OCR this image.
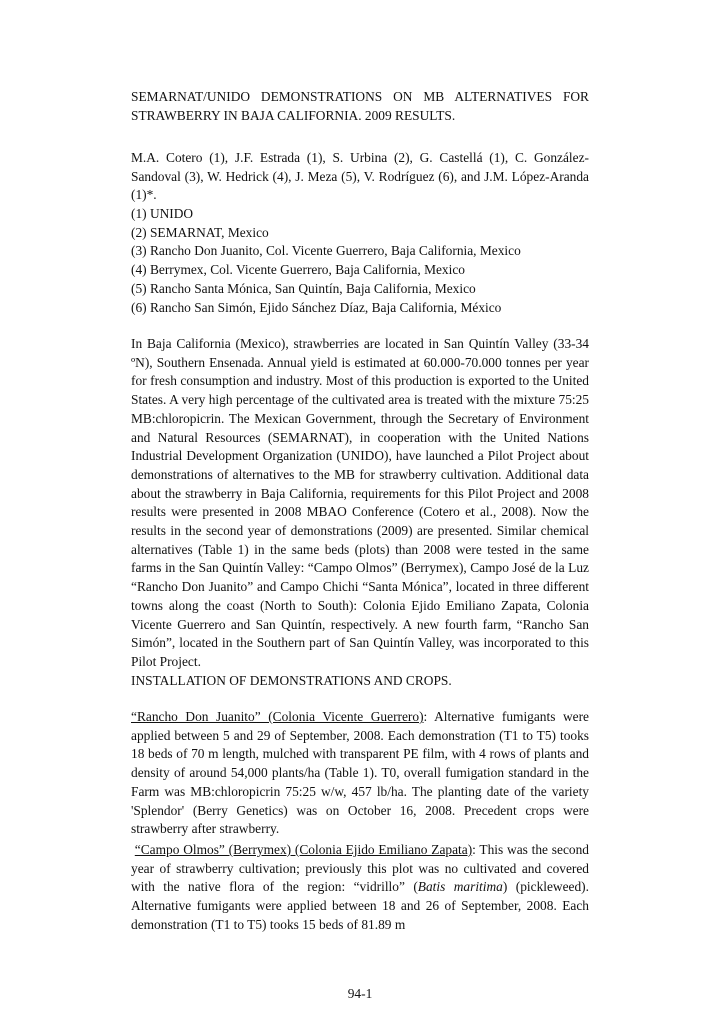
SEMARNAT/UNIDO DEMONSTRATIONS ON MB ALTERNATIVES FOR STRAWBERRY IN BAJA CALIFORNIA. 2009 RESULTS.

M.A. Cotero (1), J.F. Estrada (1), S. Urbina (2), G. Castellá (1), C. González-Sandoval (3), W. Hedrick (4), J. Meza (5), V. Rodríguez (6), and J.M. López-Aranda (1)*.

(1) UNIDO
(2) SEMARNAT, Mexico
(3) Rancho Don Juanito, Col. Vicente Guerrero, Baja California, Mexico
(4) Berrymex, Col. Vicente Guerrero, Baja California, Mexico
(5) Rancho Santa Mónica, San Quintín, Baja California, Mexico
(6) Rancho San Simón, Ejido Sánchez Díaz, Baja California, México

In Baja California (Mexico), strawberries are located in San Quintín Valley (33-34 ºN), Southern Ensenada. Annual yield is estimated at 60.000-70.000 tonnes per year for fresh consumption and industry. Most of this production is exported to the United States. A very high percentage of the cultivated area is treated with the mixture 75:25 MB:chloropicrin. The Mexican Government, through the Secretary of Environment and Natural Resources (SEMARNAT), in cooperation with the United Nations Industrial Development Organization (UNIDO), have launched a Pilot Project about demonstrations of alternatives to the MB for strawberry cultivation. Additional data about the strawberry in Baja California, requirements for this Pilot Project and 2008 results were presented in 2008 MBAO Conference (Cotero et al., 2008). Now the results in the second year of demonstrations (2009) are presented. Similar chemical alternatives (Table 1) in the same beds (plots) than 2008 were tested in the same farms in the San Quintín Valley: “Campo Olmos” (Berrymex), Campo José de la Luz “Rancho Don Juanito” and Campo Chichi “Santa Mónica”, located in three different towns along the coast (North to South): Colonia Ejido Emiliano Zapata, Colonia Vicente Guerrero and San Quintín, respectively. A new fourth farm, “Rancho San Simón”, located in the Southern part of San Quintín Valley, was incorporated to this Pilot Project.

INSTALLATION OF DEMONSTRATIONS AND CROPS.

“Rancho Don Juanito” (Colonia Vicente Guerrero): Alternative fumigants were applied between 5 and 29 of September, 2008. Each demonstration (T1 to T5) tooks 18 beds of 70 m length, mulched with transparent PE film, with 4 rows of plants and density of around 54,000 plants/ha (Table 1). T0, overall fumigation standard in the Farm was MB:chloropicrin 75:25 w/w, 457 lb/ha. The planting date of the variety 'Splendor' (Berry Genetics) was on October 16, 2008. Precedent crops were strawberry after strawberry.

“Campo Olmos” (Berrymex) (Colonia Ejido Emiliano Zapata): This was the second year of strawberry cultivation; previously this plot was no cultivated and covered with the native flora of the region: “vidrillo” (Batis maritima) (pickleweed). Alternative fumigants were applied between 18 and 26 of September, 2008. Each demonstration (T1 to T5) tooks 15 beds of 81.89 m

94-1
